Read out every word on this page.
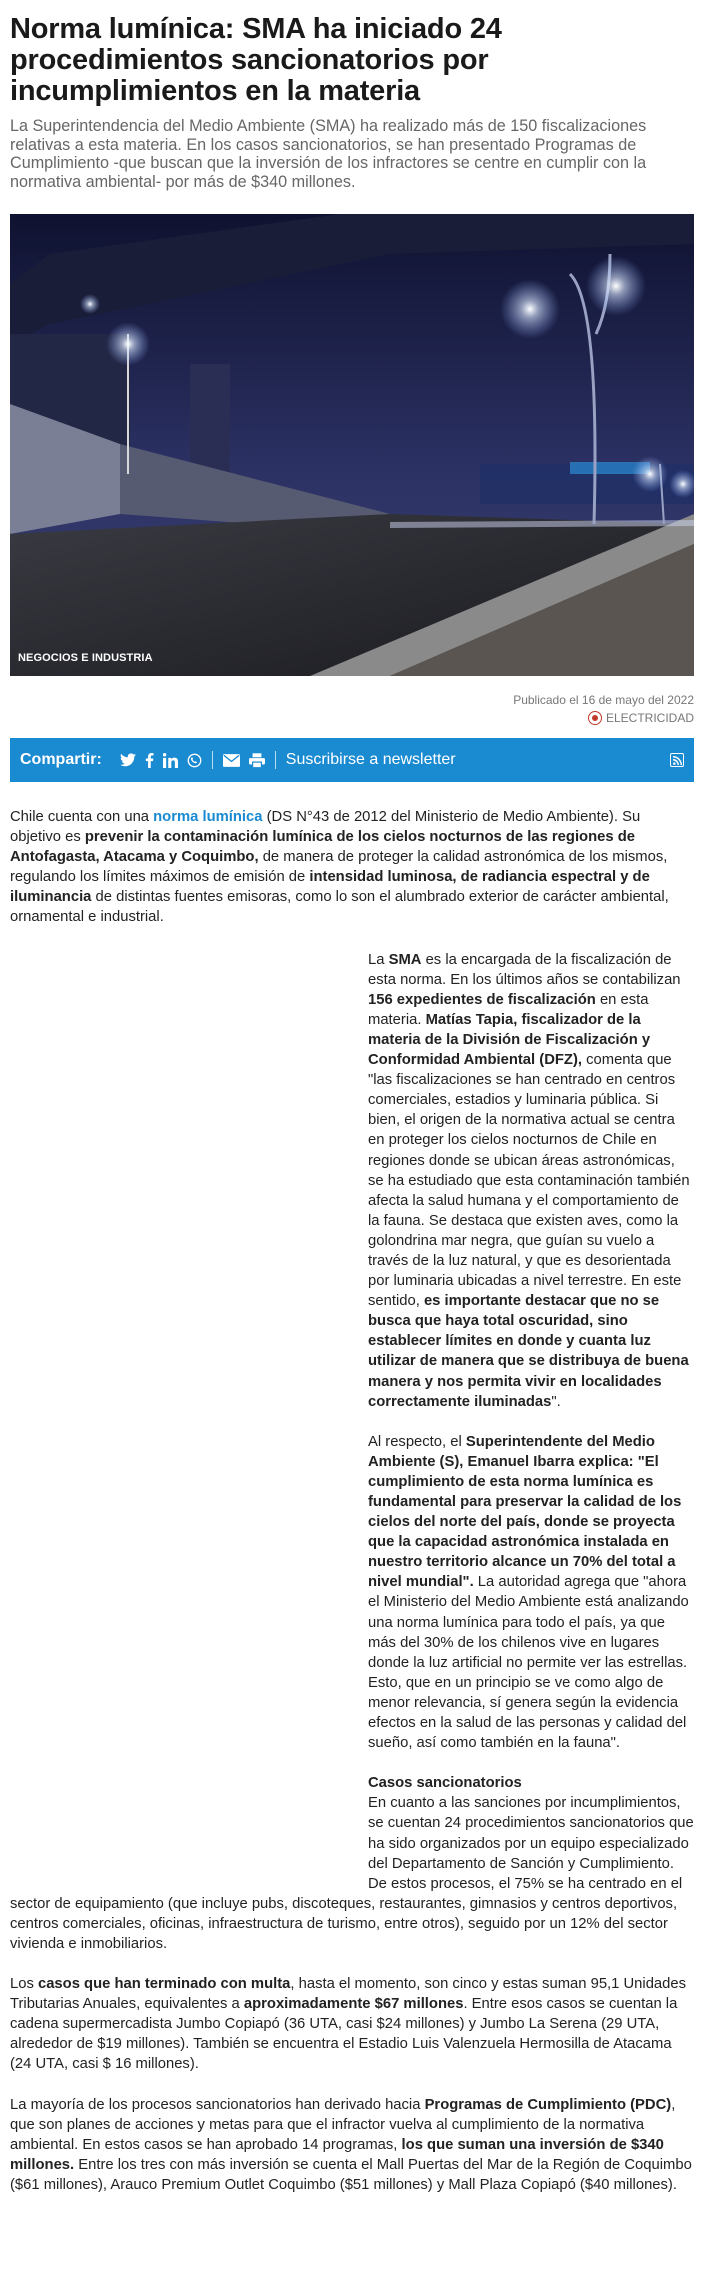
Norma lumínica: SMA ha iniciado 24 procedimientos sancionatorios por incumplimientos en la materia

La Superintendencia del Medio Ambiente (SMA) ha realizado más de 150 fiscalizaciones relativas a esta materia. En los casos sancionatorios, se han presentado Programas de Cumplimiento -que buscan que la inversión de los infractores se centre en cumplir con la normativa ambiental- por más de $340 millones.

NEGOCIOS E INDUSTRIA
Publicado el 16 de mayo del 2022
ELECTRICIDAD
Compartir:	Suscribirse a newsletter

Chile cuenta con una norma lumínica (DS N°43 de 2012 del Ministerio de Medio Ambiente). Su objetivo es prevenir la contaminación lumínica de los cielos nocturnos de las regiones de Antofagasta, Atacama y Coquimbo, de manera de proteger la calidad astronómica de los mismos, regulando los límites máximos de emisión de intensidad luminosa, de radiancia espectral y de iluminancia de distintas fuentes emisoras, como lo son el alumbrado exterior de carácter ambiental, ornamental e industrial.

La SMA es la encargada de la fiscalización de esta norma. En los últimos años se contabilizan 156 expedientes de fiscalización en esta materia. Matías Tapia, fiscalizador de la materia de la División de Fiscalización y Conformidad Ambiental (DFZ), comenta que "las fiscalizaciones se han centrado en centros comerciales, estadios y luminaria pública. Si bien, el origen de la normativa actual se centra en proteger los cielos nocturnos de Chile en regiones donde se ubican áreas astronómicas, se ha estudiado que esta contaminación también afecta la salud humana y el comportamiento de la fauna. Se destaca que existen aves, como la golondrina mar negra, que guían su vuelo a través de la luz natural, y que es desorientada por luminaria ubicadas a nivel terrestre. En este sentido, es importante destacar que no se busca que haya total oscuridad, sino establecer límites en donde y cuanta luz utilizar de manera que se distribuya de buena manera y nos permita vivir en localidades correctamente iluminadas".

Al respecto, el Superintendente del Medio Ambiente (S), Emanuel Ibarra explica: "El cumplimiento de esta norma lumínica es fundamental para preservar la calidad de los cielos del norte del país, donde se proyecta que la capacidad astronómica instalada en nuestro territorio alcance un 70% del total a nivel mundial". La autoridad agrega que "ahora el Ministerio del Medio Ambiente está analizando una norma lumínica para todo el país, ya que más del 30% de los chilenos vive en lugares donde la luz artificial no permite ver las estrellas. Esto, que en un principio se ve como algo de menor relevancia, sí genera según la evidencia efectos en la salud de las personas y calidad del sueño, así como también en la fauna".

Casos sancionatorios
En cuanto a las sanciones por incumplimientos, se cuentan 24 procedimientos sancionatorios que ha sido organizados por un equipo especializado del Departamento de Sanción y Cumplimiento. De estos procesos, el 75% se ha centrado en el sector de equipamiento (que incluye pubs, discoteques, restaurantes, gimnasios y centros deportivos, centros comerciales, oficinas, infraestructura de turismo, entre otros), seguido por un 12% del sector vivienda e inmobiliarios.

Los casos que han terminado con multa, hasta el momento, son cinco y estas suman 95,1 Unidades Tributarias Anuales, equivalentes a aproximadamente $67 millones. Entre esos casos se cuentan la cadena supermercadista Jumbo Copiapó (36 UTA, casi $24 millones) y Jumbo La Serena (29 UTA, alrededor de $19 millones). También se encuentra el Estadio Luis Valenzuela Hermosilla de Atacama (24 UTA, casi $ 16 millones).

La mayoría de los procesos sancionatorios han derivado hacia Programas de Cumplimiento (PDC), que son planes de acciones y metas para que el infractor vuelva al cumplimiento de la normativa ambiental. En estos casos se han aprobado 14 programas, los que suman una inversión de $340 millones. Entre los tres con más inversión se cuenta el Mall Puertas del Mar de la Región de Coquimbo ($61 millones), Arauco Premium Outlet Coquimbo ($51 millones) y Mall Plaza Copiapó ($40 millones).
